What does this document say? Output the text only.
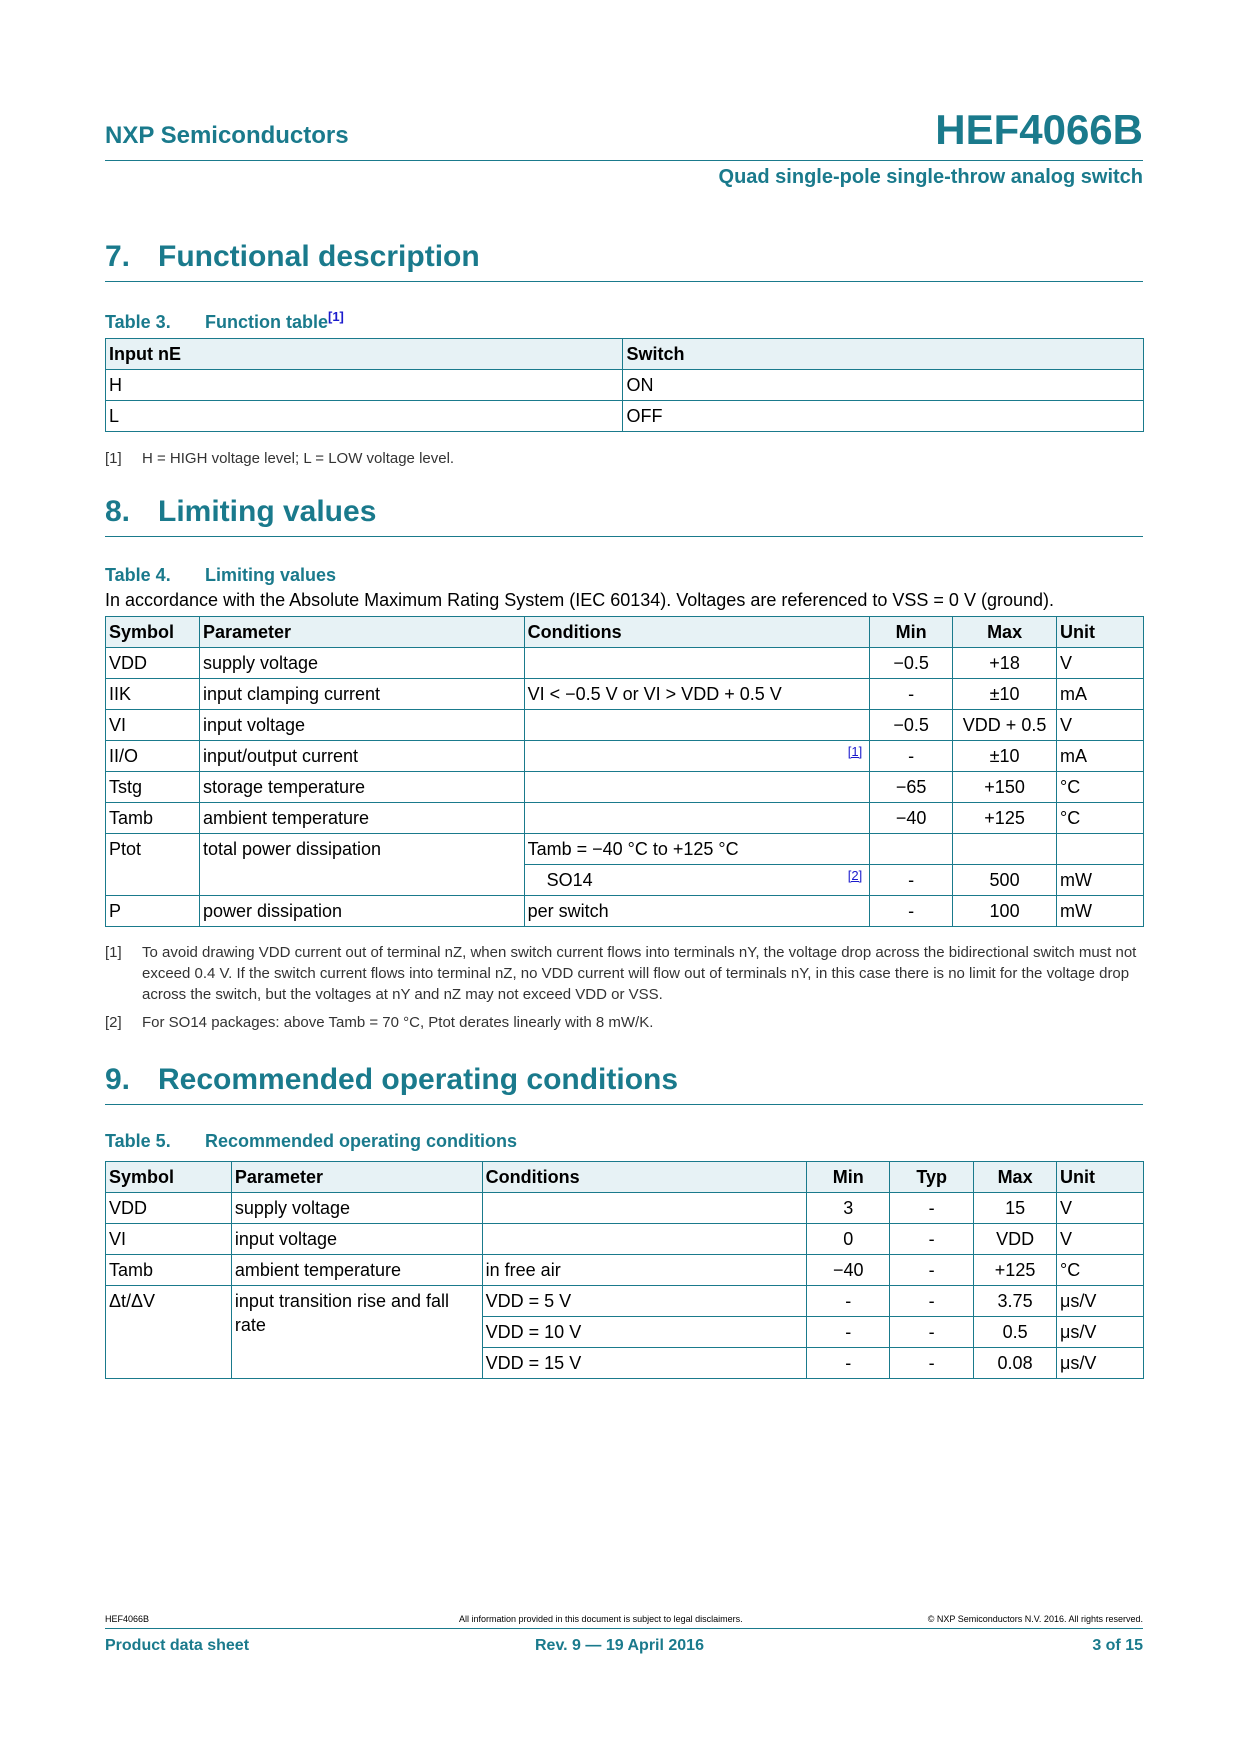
NXP Semiconductors	HEF4066B
Quad single-pole single-throw analog switch
7. Functional description
Table 3. Function table[1]
Input nE	Switch
H	ON
L	OFF
[1]	H = HIGH voltage level; L = LOW voltage level.
8. Limiting values
Table 4. Limiting values
In accordance with the Absolute Maximum Rating System (IEC 60134). Voltages are referenced to VSS = 0 V (ground).
Symbol	Parameter	Conditions	Min	Max	Unit
VDD	supply voltage		−0.5	+18	V
IIK	input clamping current	VI < −0.5 V or VI > VDD + 0.5 V	-	±10	mA
VI	input voltage		−0.5	VDD + 0.5	V
II/O	input/output current	[1]	-	±10	mA
Tstg	storage temperature		−65	+150	°C
Tamb	ambient temperature		−40	+125	°C
Ptot	total power dissipation	Tamb = −40 °C to +125 °C			
		SO14 [2]	-	500	mW
P	power dissipation	per switch	-	100	mW
[1]	To avoid drawing VDD current out of terminal nZ, when switch current flows into terminals nY, the voltage drop across the bidirectional switch must not exceed 0.4 V. If the switch current flows into terminal nZ, no VDD current will flow out of terminals nY, in this case there is no limit for the voltage drop across the switch, but the voltages at nY and nZ may not exceed VDD or VSS.
[2]	For SO14 packages: above Tamb = 70 °C, Ptot derates linearly with 8 mW/K.
9. Recommended operating conditions
Table 5. Recommended operating conditions
Symbol	Parameter	Conditions	Min	Typ	Max	Unit
VDD	supply voltage		3	-	15	V
VI	input voltage		0	-	VDD	V
Tamb	ambient temperature	in free air	−40	-	+125	°C
Δt/ΔV	input transition rise and fall rate	VDD = 5 V	-	-	3.75	μs/V
		VDD = 10 V	-	-	0.5	μs/V
		VDD = 15 V	-	-	0.08	μs/V
HEF4066B	All information provided in this document is subject to legal disclaimers.	© NXP Semiconductors N.V. 2016. All rights reserved.
Product data sheet	Rev. 9 — 19 April 2016	3 of 15
